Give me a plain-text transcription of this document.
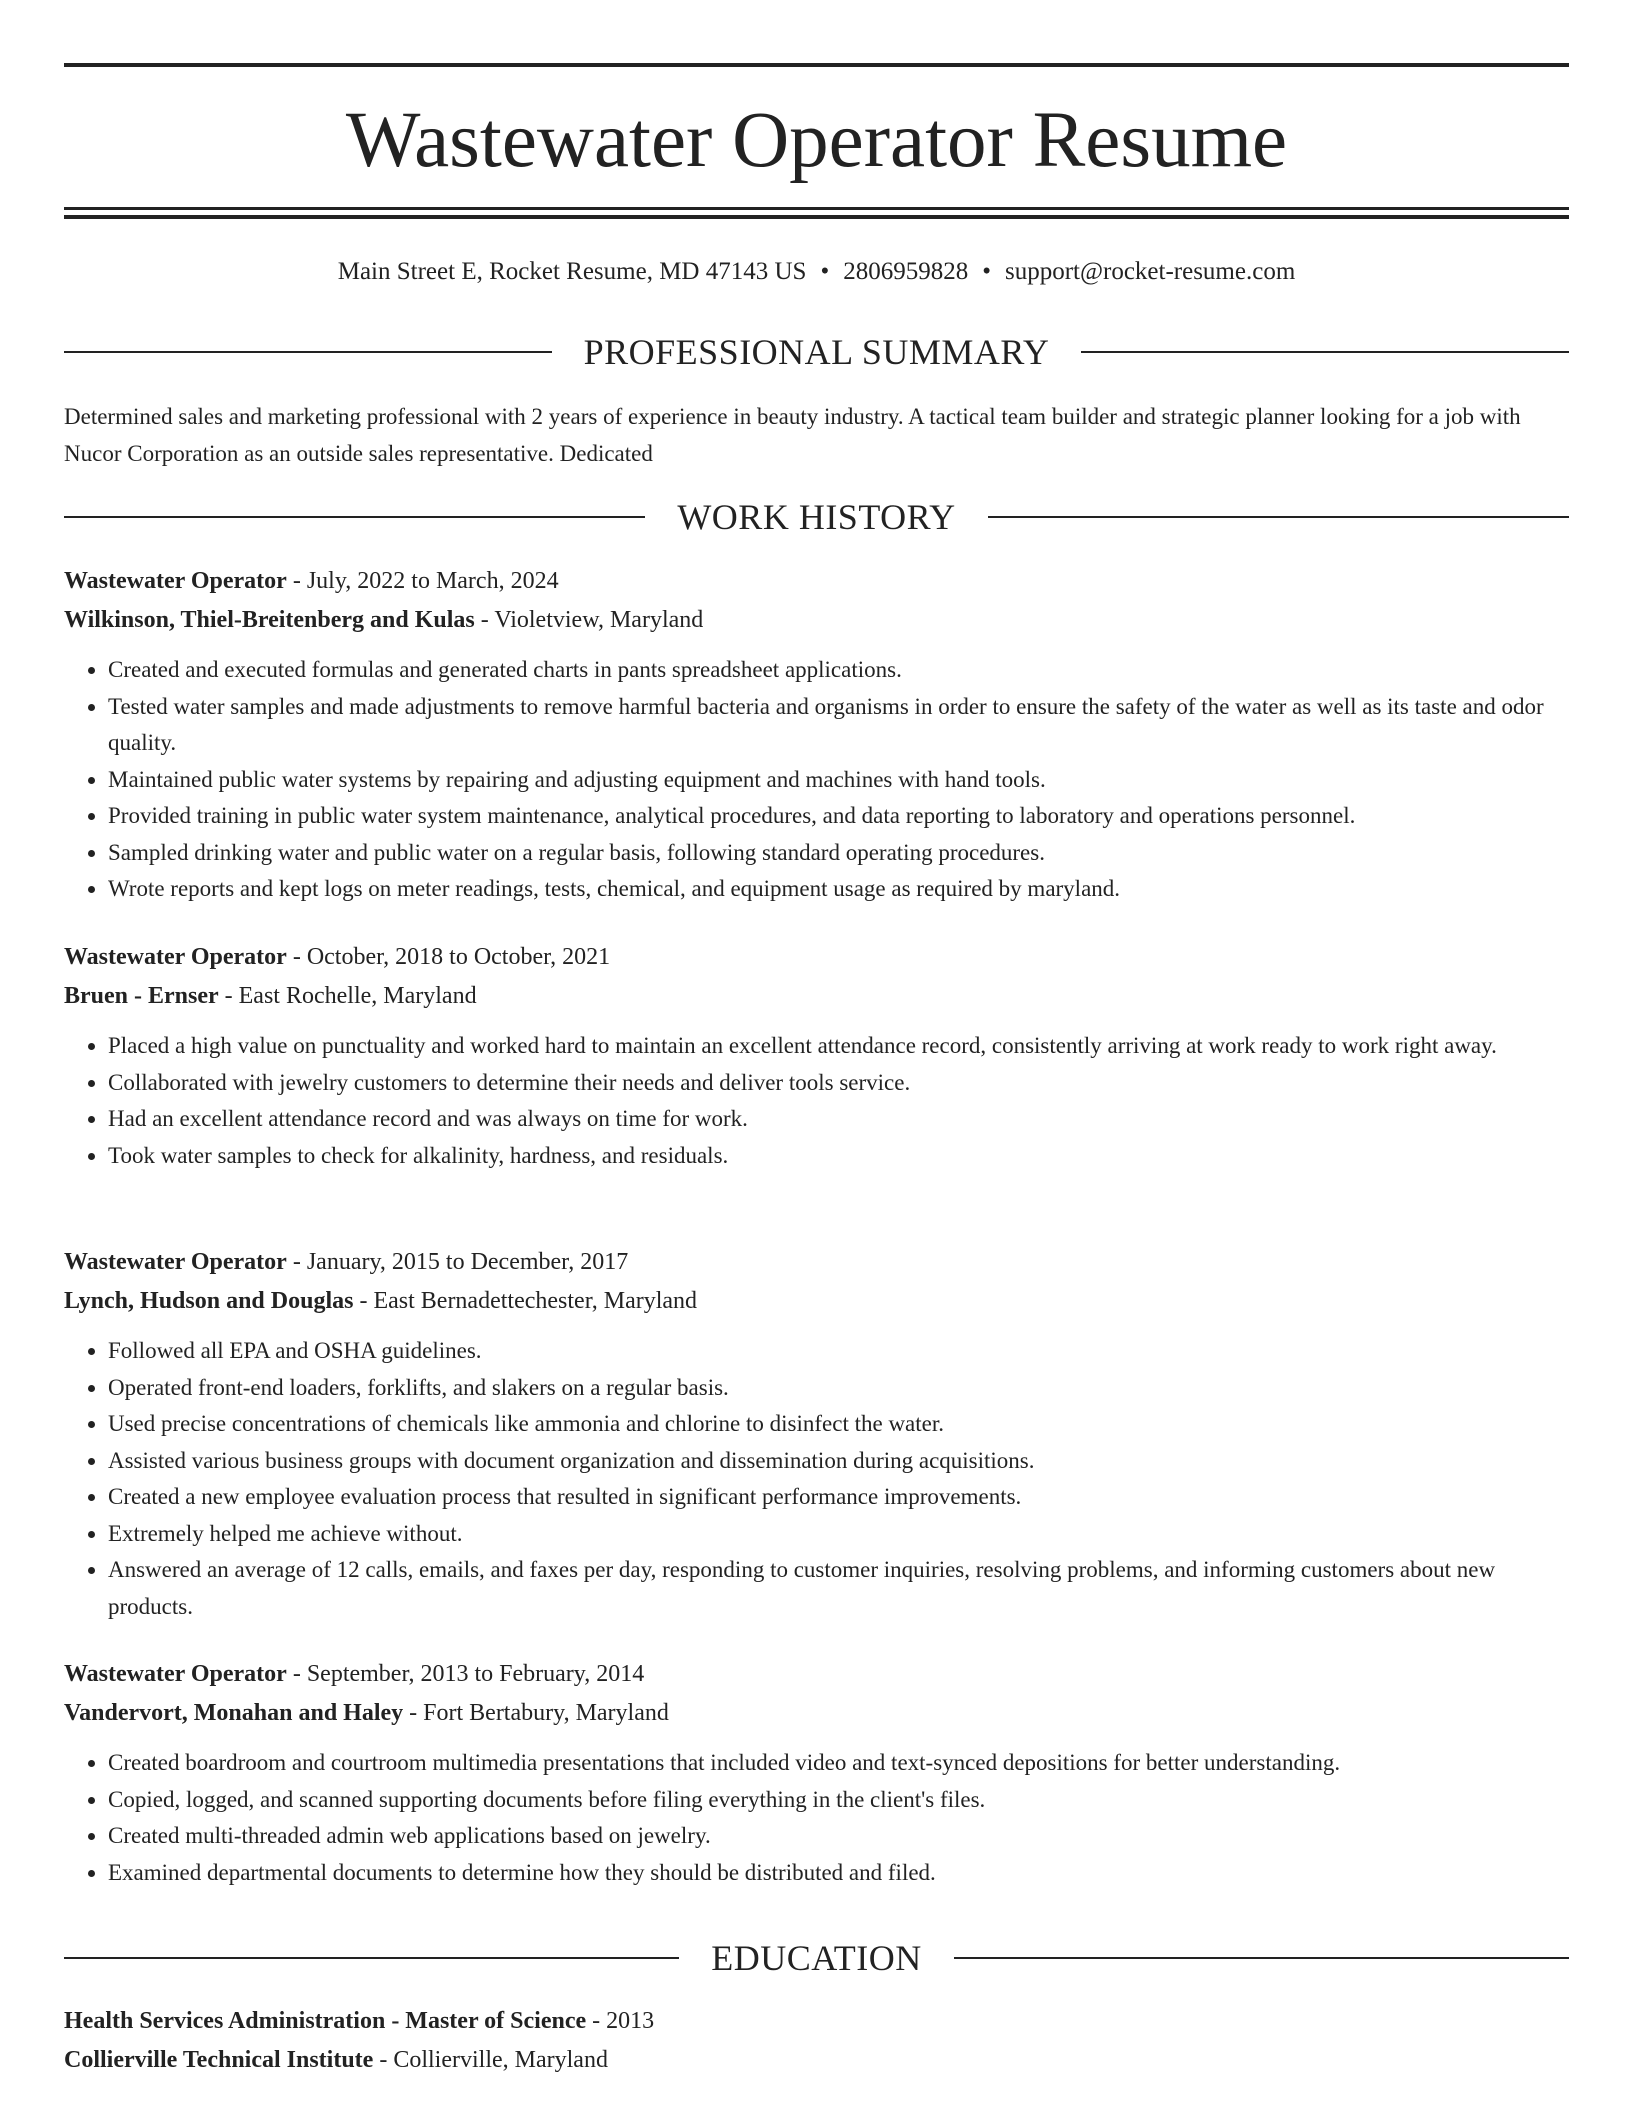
Wastewater Operator Resume
Main Street E, Rocket Resume, MD 47143 US • 2806959828 • support@rocket-resume.com
PROFESSIONAL SUMMARY

Determined sales and marketing professional with 2 years of experience in beauty industry. A tactical team builder and strategic planner looking for a job with Nucor Corporation as an outside sales representative. Dedicated

WORK HISTORY

Wastewater Operator - July, 2022 to March, 2024

Wilkinson, Thiel-Breitenberg and Kulas - Violetview, Maryland

• Created and executed formulas and generated charts in pants spreadsheet applications.
• Tested water samples and made adjustments to remove harmful bacteria and organisms in order to ensure the safety of the water as well as its taste and odor quality.
• Maintained public water systems by repairing and adjusting equipment and machines with hand tools.
• Provided training in public water system maintenance, analytical procedures, and data reporting to laboratory and operations personnel.
• Sampled drinking water and public water on a regular basis, following standard operating procedures.
• Wrote reports and kept logs on meter readings, tests, chemical, and equipment usage as required by maryland.

Wastewater Operator - October, 2018 to October, 2021

Bruen - Ernser - East Rochelle, Maryland

• Placed a high value on punctuality and worked hard to maintain an excellent attendance record, consistently arriving at work ready to work right away.
• Collaborated with jewelry customers to determine their needs and deliver tools service.
• Had an excellent attendance record and was always on time for work.
• Took water samples to check for alkalinity, hardness, and residuals.

Wastewater Operator - January, 2015 to December, 2017

Lynch, Hudson and Douglas - East Bernadettechester, Maryland

• Followed all EPA and OSHA guidelines.
• Operated front-end loaders, forklifts, and slakers on a regular basis.
• Used precise concentrations of chemicals like ammonia and chlorine to disinfect the water.
• Assisted various business groups with document organization and dissemination during acquisitions.
• Created a new employee evaluation process that resulted in significant performance improvements.
• Extremely helped me achieve without.
• Answered an average of 12 calls, emails, and faxes per day, responding to customer inquiries, resolving problems, and informing customers about new products.

Wastewater Operator - September, 2013 to February, 2014

Vandervort, Monahan and Haley - Fort Bertabury, Maryland

• Created boardroom and courtroom multimedia presentations that included video and text-synced depositions for better understanding.
• Copied, logged, and scanned supporting documents before filing everything in the client's files.
• Created multi-threaded admin web applications based on jewelry.
• Examined departmental documents to determine how they should be distributed and filed.
EDUCATION

Health Services Administration - Master of Science - 2013

Collierville Technical Institute - Collierville, Maryland
